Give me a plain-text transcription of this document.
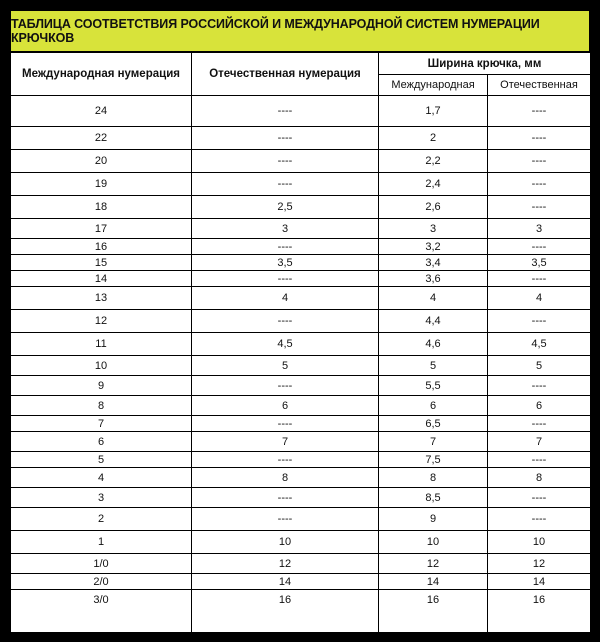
ТАБЛИЦА СООТВЕТСТВИЯ РОССИЙСКОЙ И МЕЖДУНАРОДНОЙ СИСТЕМ НУМЕРАЦИИ КРЮЧКОВ
Международная нумерация	Отечественная нумерация	Ширина крючка, мм	
		Международная	Отечественная
24	----	1,7	----
22	----	2	----
20	----	2,2	----
19	----	2,4	----
18	2,5	2,6	----
17	3	3	3
16	----	3,2	----
15	3,5	3,4	3,5
14	----	3,6	----
13	4	4	4
12	----	4,4	----
11	4,5	4,6	4,5
10	5	5	5
9	----	5,5	----
8	6	6	6
7	----	6,5	----
6	7	7	7
5	----	7,5	----
4	8	8	8
3	----	8,5	----
2	----	9	----
1	10	10	10
1/0	12	12	12
2/0	14	14	14
3/0	16	16	16
